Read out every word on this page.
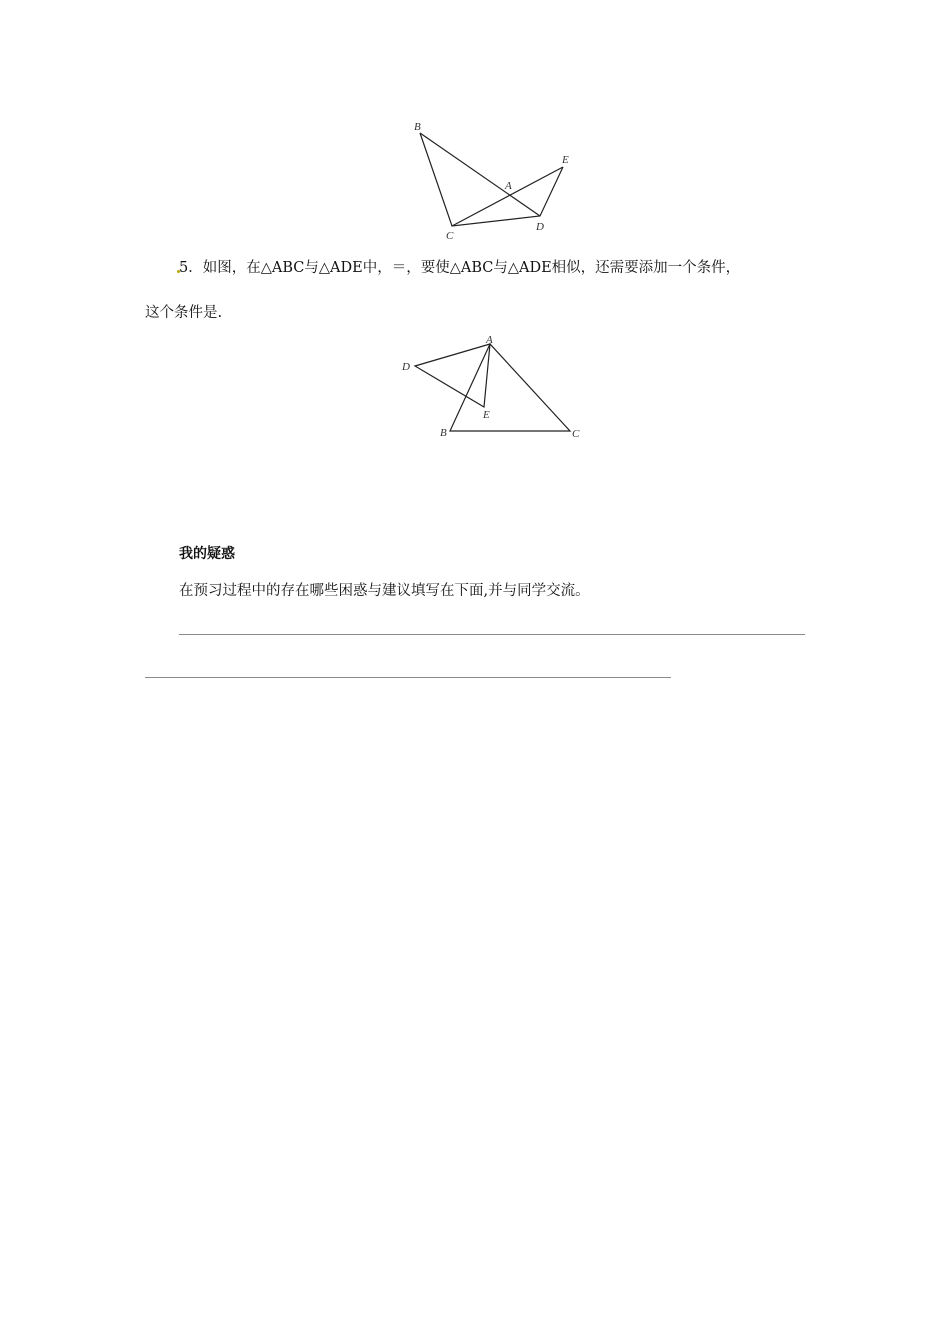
B
C
A
E
D
5．如图，在△ABC与△ADE中，＝，要使△ABC与△ADE相似，还需要添加一个条件，
这个条件是.
A
D
E
B	C
我的疑惑
在预习过程中的存在哪些困惑与建议填写在下面,并与同学交流。
